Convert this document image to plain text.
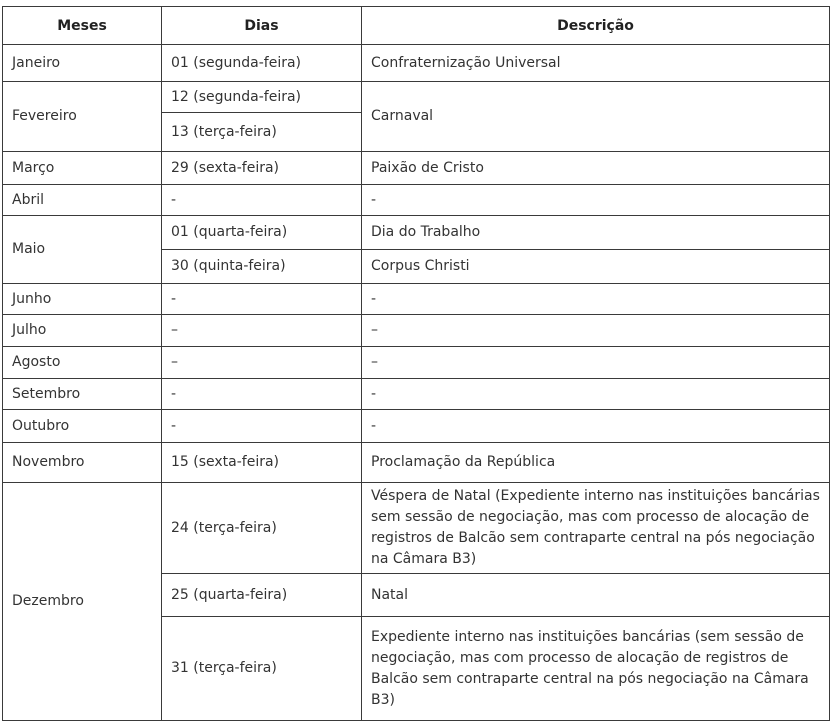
Meses	Dias	Descrição
Janeiro	01 (segunda-feira)	Confraternização Universal
Fevereiro	12 (segunda-feira)	Carnaval
	13 (terça-feira)	
Março	29 (sexta-feira)	Paixão de Cristo
Abril	-	-
Maio	01 (quarta-feira)	Dia do Trabalho
	30 (quinta-feira)	Corpus Christi
Junho	-	-
Julho	–	–
Agosto	–	–
Setembro	-	-
Outubro	-	-
Novembro	15 (sexta-feira)	Proclamação da República
Dezembro	24 (terça-feira)	Véspera de Natal (Expediente interno nas instituições bancárias sem sessão de negociação, mas com processo de alocação de registros de Balcão sem contraparte central na pós negociação na Câmara B3)
	25 (quarta-feira)	Natal
	31 (terça-feira)	Expediente interno nas instituições bancárias (sem sessão de negociação, mas com processo de alocação de registros de Balcão sem contraparte central na pós negociação na Câmara B3)
